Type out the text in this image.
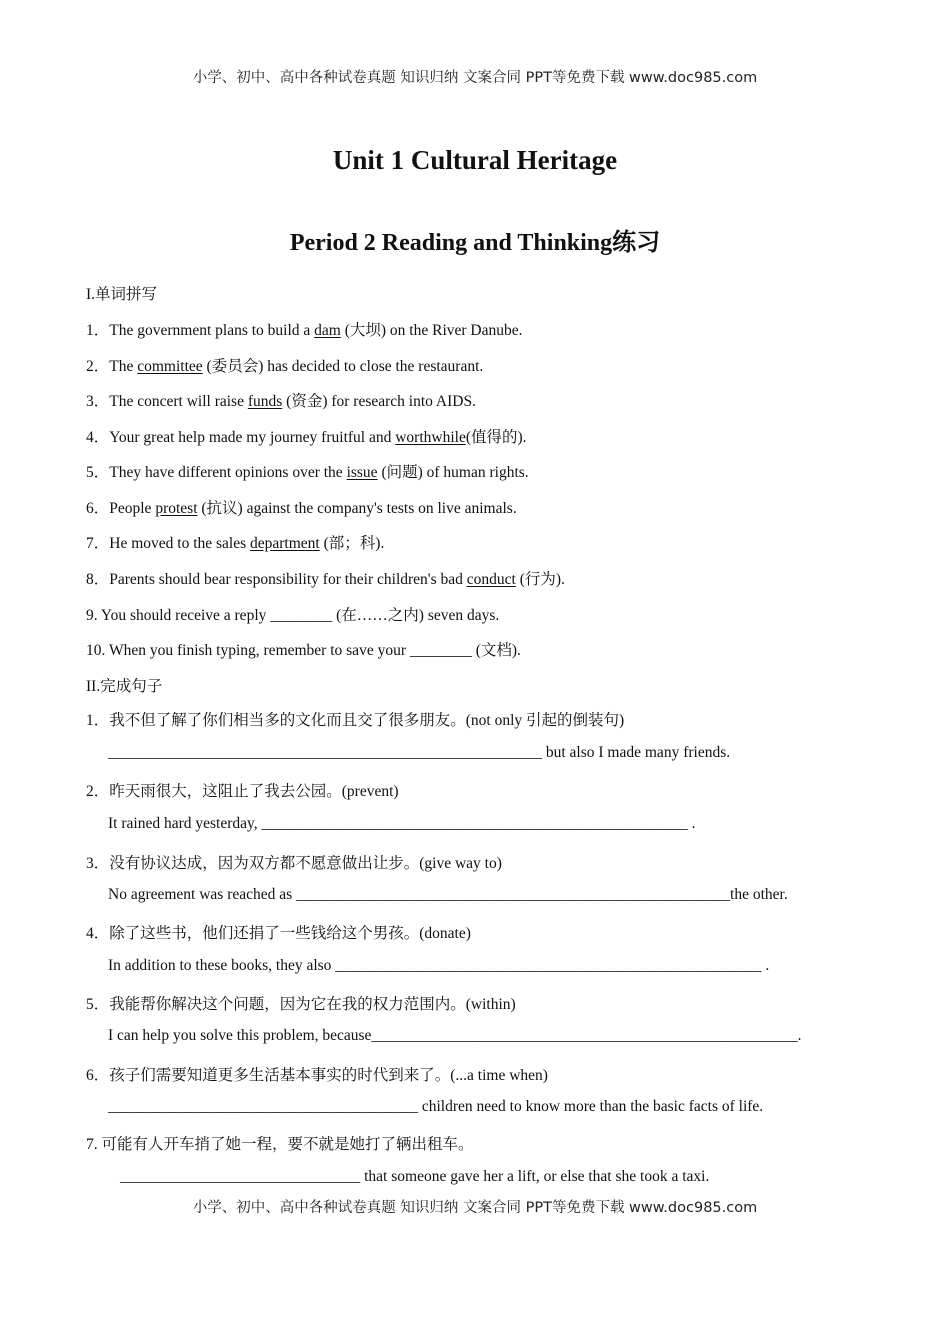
小学、初中、高中各种试卷真题 知识归纳 文案合同 PPT等免费下载 www.doc985.com
Unit 1 Cultural Heritage
Period 2 Reading and Thinking练习
I.单词拼写
1．The government plans to build a dam (大坝) on the River Danube.
2．The committee (委员会) has decided to close the restaurant.
3．The concert will raise funds (资金) for research into AIDS.
4．Your great help made my journey fruitful and worthwhile(值得的).
5．They have different opinions over the issue (问题) of human rights.
6．People protest (抗议) against the company's tests on live animals.
7．He moved to the sales department (部；科).
8．Parents should bear responsibility for their children's bad conduct (行为).
9. You should receive a reply ________ (在……之内) seven days.
10. When you finish typing, remember to save your ________ (文档).
II.完成句子
1．我不但了解了你们相当多的文化而且交了很多朋友。(not only 引起的倒装句)
________________________________________________________ but also I made many friends.
2．昨天雨很大，这阻止了我去公园。(prevent)
It rained hard yesterday, _______________________________________________________ .
3．没有协议达成，因为双方都不愿意做出让步。(give way to)
No agreement was reached as ________________________________________________________the other.
4．除了这些书，他们还捐了一些钱给这个男孩。(donate)
In addition to these books, they also _______________________________________________________ .
5．我能帮你解决这个问题，因为它在我的权力范围内。(within)
I can help you solve this problem, because_______________________________________________________.
6．孩子们需要知道更多生活基本事实的时代到来了。(...a time when)
________________________________________ children need to know more than the basic facts of life.
7. 可能有人开车捎了她一程，要不就是她打了辆出租车。
_______________________________ that someone gave her a lift, or else that she took a taxi.
小学、初中、高中各种试卷真题 知识归纳 文案合同 PPT等免费下载 www.doc985.com
